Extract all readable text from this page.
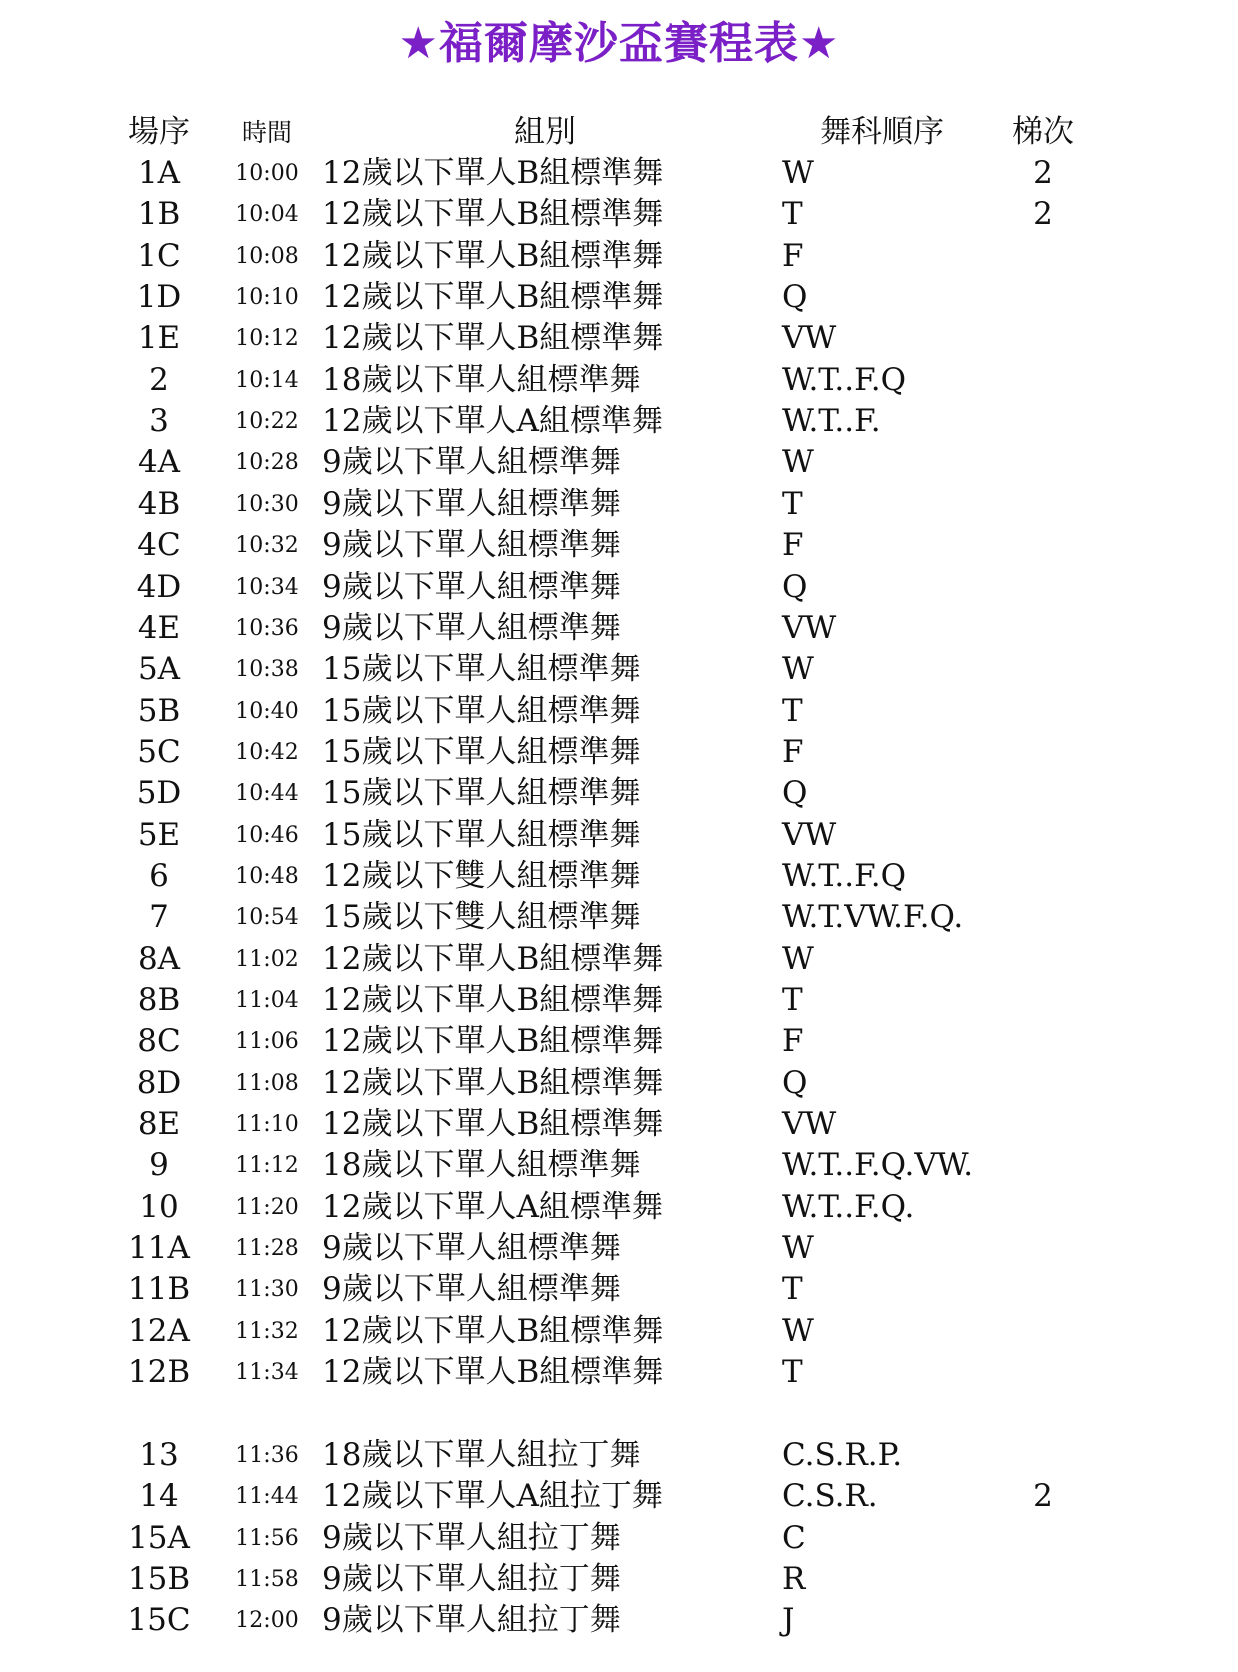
★福爾摩沙盃賽程表★
場序	時間	組別	舞科順序 梯次
1A	10:00 12歲以下單人B組標準舞	W	2
1B	10:04 12歲以下單人B組標準舞	T	2
1C	10:08 12歲以下單人B組標準舞	F
1D	10:10 12歲以下單人B組標準舞	Q
1E	10:12 12歲以下單人B組標準舞	VW
2	10:14 18歲以下單人組標準舞	W.T..F.Q
3	10:22 12歲以下單人A組標準舞	W.T..F.
4A	10:28 9歲以下單人組標準舞	W
4B	10:30 9歲以下單人組標準舞	T
4C	10:32 9歲以下單人組標準舞	F
4D	10:34 9歲以下單人組標準舞	Q
4E	10:36 9歲以下單人組標準舞	VW
5A	10:38 15歲以下單人組標準舞	W
5B	10:40 15歲以下單人組標準舞	T
5C	10:42 15歲以下單人組標準舞	F
5D	10:44 15歲以下單人組標準舞	Q
5E	10:46 15歲以下單人組標準舞	VW
6	10:48 12歲以下雙人組標準舞	W.T..F.Q
7	10:54 15歲以下雙人組標準舞	W.T.VW.F.Q.
8A	11:02 12歲以下單人B組標準舞	W
8B	11:04 12歲以下單人B組標準舞	T
8C	11:06 12歲以下單人B組標準舞	F
8D	11:08 12歲以下單人B組標準舞	Q
8E	11:10 12歲以下單人B組標準舞	VW
9	11:12 18歲以下單人組標準舞	W.T..F.Q.VW.
10	11:20 12歲以下單人A組標準舞	W.T..F.Q.
11A	11:28 9歲以下單人組標準舞	W
11B	11:30 9歲以下單人組標準舞	T
12A	11:32 12歲以下單人B組標準舞	W
12B	11:34 12歲以下單人B組標準舞	T
13	11:36 18歲以下單人組拉丁舞	C.S.R.P.
14	11:44 12歲以下單人A組拉丁舞	C.S.R.	2
15A	11:56 9歲以下單人組拉丁舞	C
15B	11:58 9歲以下單人組拉丁舞	R
15C	12:00 9歲以下單人組拉丁舞	J
